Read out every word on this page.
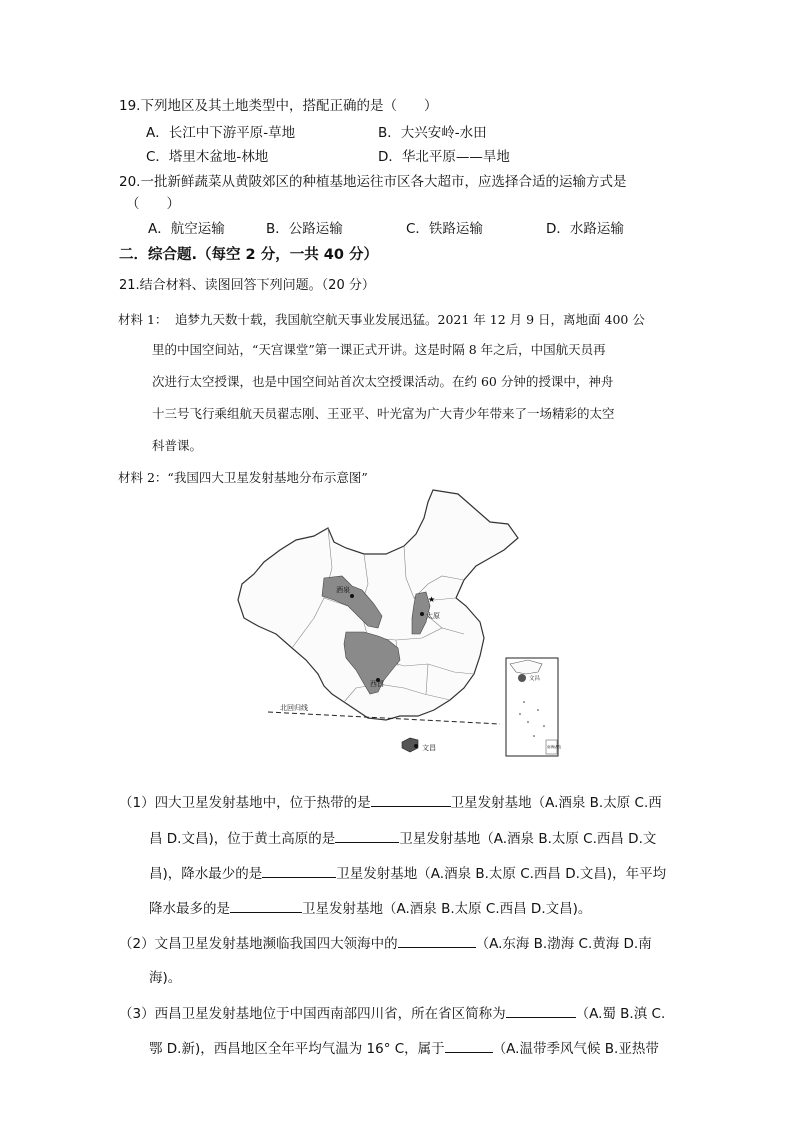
19.下列地区及其土地类型中，搭配正确的是（　　）
A．长江中下游平原-草地	B．大兴安岭-水田
C．塔里木盆地-林地	D．华北平原——旱地
20.一批新鲜蔬菜从黄陂郊区的种植基地运往市区各大超市，应选择合适的运输方式是
（　　）
A．航空运输	B．公路运输	C．铁路运输	D．水路运输
二．综合题.（每空 2 分，一共 40 分）
21.结合材料、读图回答下列问题。（20 分）
材料 1： 追梦九天数十载，我国航空航天事业发展迅猛。2021 年 12 月 9 日，离地面 400 公
里的中国空间站，“天宫课堂”第一课正式开讲。这是时隔 8 年之后，中国航天员再
次进行太空授课，也是中国空间站首次太空授课活动。在约 60 分钟的授课中，神舟
十三号飞行乘组航天员翟志刚、王亚平、叶光富为广大青少年带来了一场精彩的太空
科普课。
材料 2：“我国四大卫星发射基地分布示意图”
北回归线
酒泉
太原
西昌
文昌
★
文昌
南海诸岛
（1）四大卫星发射基地中，位于热带的是	卫星发射基地（A.酒泉 B.太原 C.西
昌 D.文昌)，位于黄土高原的是	卫星发射基地（A.酒泉 B.太原 C.西昌 D.文
昌)，降水最少的是	卫星发射基地（A.酒泉 B.太原 C.西昌 D.文昌)，年平均
降水最多的是	卫星发射基地（A.酒泉 B.太原 C.西昌 D.文昌)。
（2）文昌卫星发射基地濒临我国四大领海中的	（A.东海 B.渤海 C.黄海 D.南
海)。
（3）西昌卫星发射基地位于中国西南部四川省，所在省区简称为	（A.蜀 B.滇 C.
鄂 D.新)，西昌地区全年平均气温为 16° C，属于	（A.温带季风气候 B.亚热带
